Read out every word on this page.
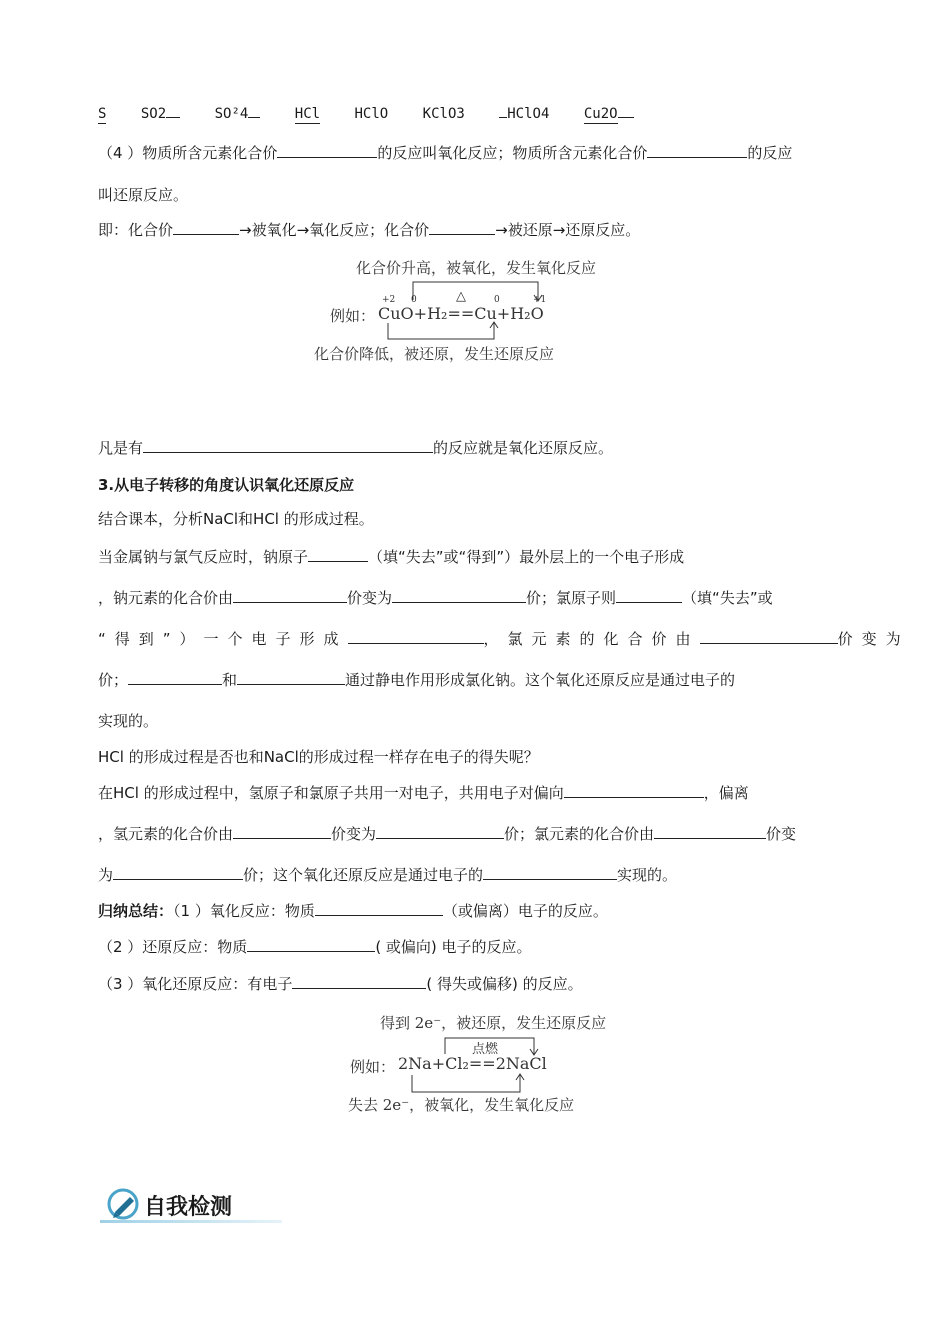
S SO2	SO²4	HCl HClO KClO3	HClO4 Cu2O
（4 ）物质所含元素化合价	的反应叫氧化反应；物质所含元素化合价	的反应
叫还原反应。
即：化合价	→被氧化→氧化反应；化合价	→被还原→还原反应。
化合价升高，被氧化，发生氧化反应
+2 0	0	+1
△
例如： CuO+H₂==Cu+H₂O
化合价降低，被还原，发生还原反应
凡是有	的反应就是氧化还原反应。
3.从电子转移的角度认识氧化还原反应
结合课本，分析NaCl和HCl 的形成过程。
当金属钠与氯气反应时，钠原子	（填“失去”或“得到”）最外层上的一个电子形成
，钠元素的化合价由	价变为	价；氯原子则	（填“失去”或
“得到”）一个电子形成	，氯元素的化合价由	价变为
价；	和	通过静电作用形成氯化钠。这个氧化还原反应是通过电子的
实现的。
HCl 的形成过程是否也和NaCl的形成过程一样存在电子的得失呢？
在HCl 的形成过程中，氢原子和氯原子共用一对电子，共用电子对偏向	，偏离
，氢元素的化合价由	价变为	价；氯元素的化合价由	价变
为	价；这个氧化还原反应是通过电子的	实现的。
归纳总结：（1 ）氧化反应：物质	（或偏离）电子的反应。
（2 ）还原反应：物质	( 或偏向) 电子的反应。
（3 ）氧化还原反应：有电子	( 得失或偏移) 的反应。
得到 2e⁻，被还原，发生还原反应
点燃
例如： 2Na+Cl₂==2NaCl
失去 2e⁻，被氧化，发生氧化反应
自我检测
